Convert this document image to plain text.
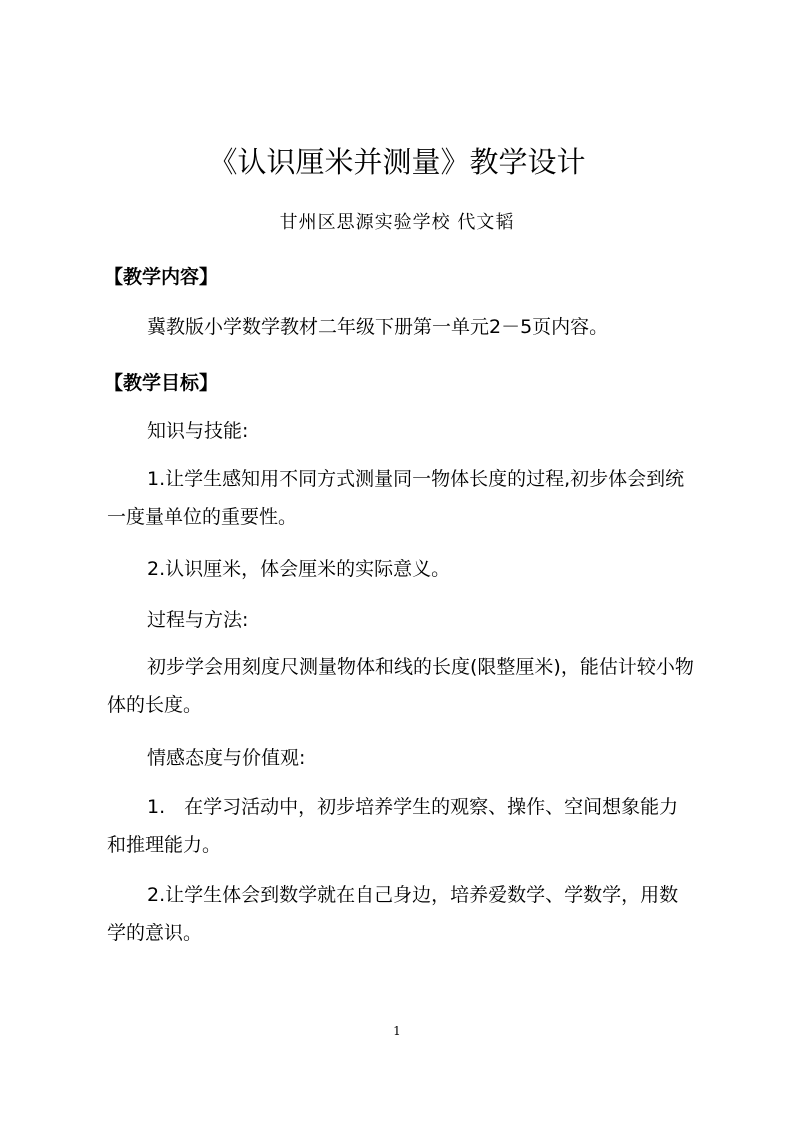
《认识厘米并测量》教学设计
甘州区思源实验学校 代文韬
【教学内容】
冀教版小学数学教材二年级下册第一单元2－5页内容。
【教学目标】
知识与技能:
1.让学生感知用不同方式测量同一物体长度的过程,初步体会到统一度量单位的重要性。
2.认识厘米，体会厘米的实际意义。
过程与方法:
初步学会用刻度尺测量物体和线的长度(限整厘米)，能估计较小物体的长度。
情感态度与价值观:
1.　在学习活动中，初步培养学生的观察、操作、空间想象能力和推理能力。
2.让学生体会到数学就在自己身边，培养爱数学、学数学，用数学的意识。
1
